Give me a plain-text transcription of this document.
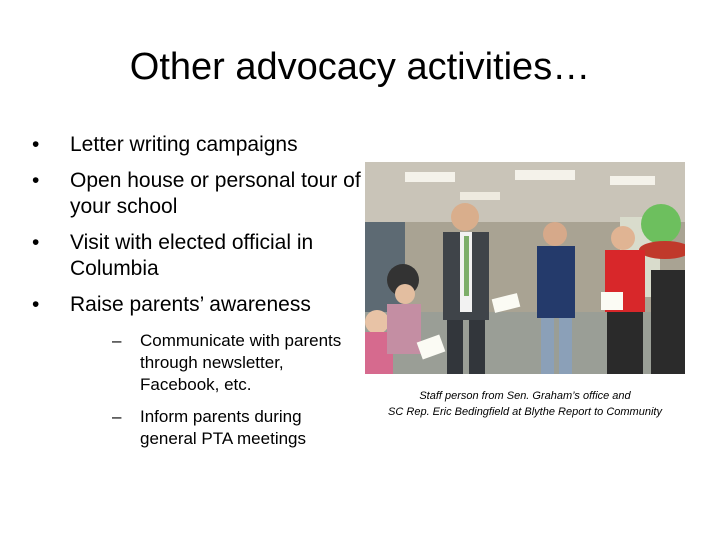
Other advocacy activities…
• Letter writing campaigns
• Open house or personal tour of your school
• Visit with elected official in Columbia
• Raise parents’ awareness
– Communicate with parents through newsletter, Facebook, etc.
– Inform parents during general PTA meetings
Staff person from Sen. Graham’s office and
SC Rep. Eric Bedingfield at Blythe Report to Community
